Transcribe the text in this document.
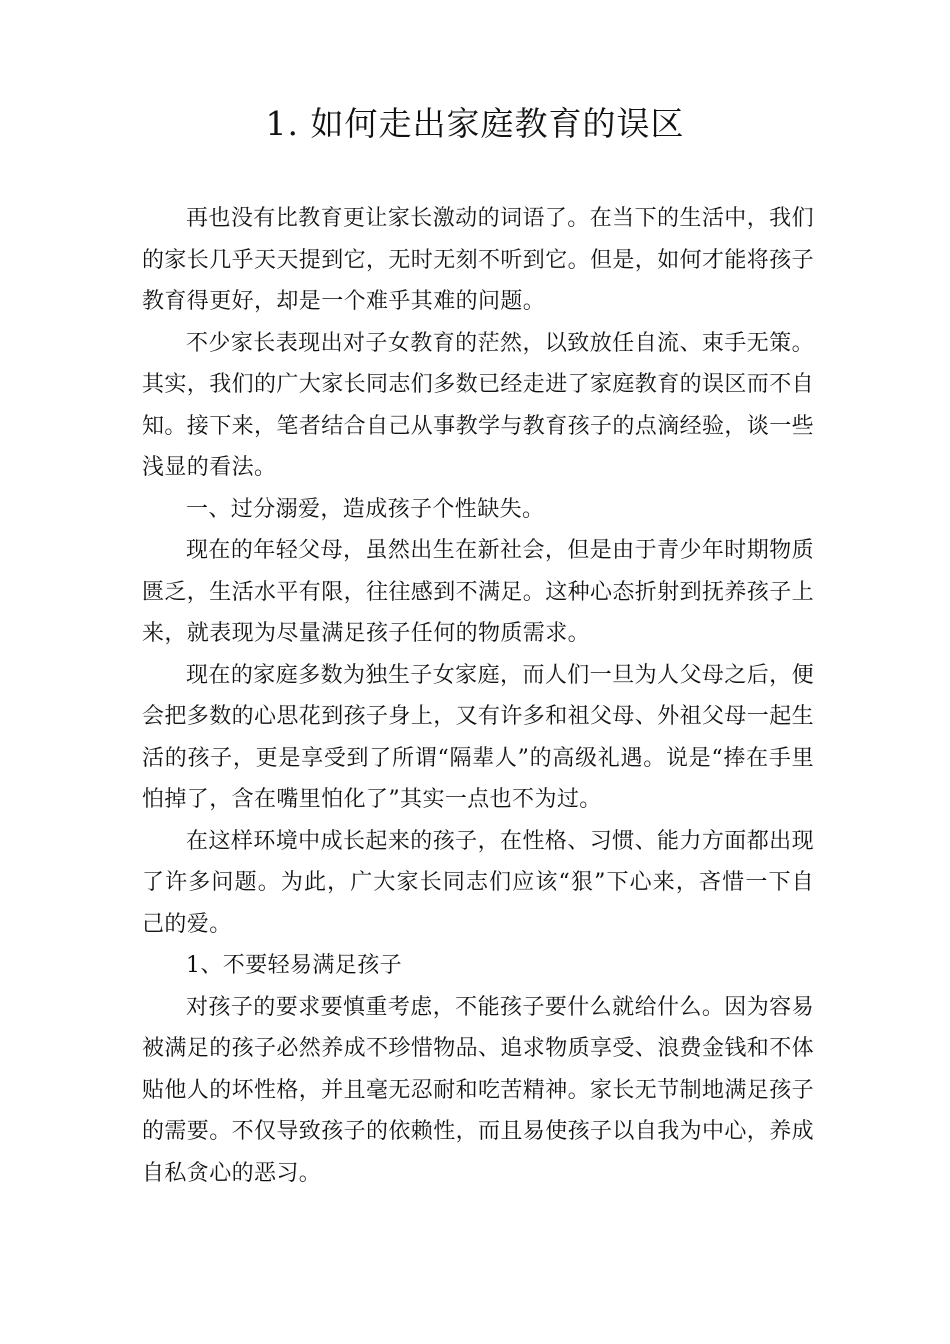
1. 如何走出家庭教育的误区

再也没有比教育更让家长激动的词语了。在当下的生活中，我们的家长几乎天天提到它，无时无刻不听到它。但是，如何才能将孩子教育得更好，却是一个难乎其难的问题。

不少家长表现出对子女教育的茫然，以致放任自流、束手无策。其实，我们的广大家长同志们多数已经走进了家庭教育的误区而不自知。接下来，笔者结合自己从事教学与教育孩子的点滴经验，谈一些浅显的看法。

一、过分溺爱，造成孩子个性缺失。

现在的年轻父母，虽然出生在新社会，但是由于青少年时期物质匮乏，生活水平有限，往往感到不满足。这种心态折射到抚养孩子上来，就表现为尽量满足孩子任何的物质需求。

现在的家庭多数为独生子女家庭，而人们一旦为人父母之后，便会把多数的心思花到孩子身上，又有许多和祖父母、外祖父母一起生活的孩子，更是享受到了所谓“隔辈人”的高级礼遇。说是“捧在手里怕掉了，含在嘴里怕化了”其实一点也不为过。

在这样环境中成长起来的孩子，在性格、习惯、能力方面都出现了许多问题。为此，广大家长同志们应该“狠”下心来，吝惜一下自己的爱。

1、不要轻易满足孩子

对孩子的要求要慎重考虑，不能孩子要什么就给什么。因为容易被满足的孩子必然养成不珍惜物品、追求物质享受、浪费金钱和不体贴他人的坏性格，并且毫无忍耐和吃苦精神。家长无节制地满足孩子的需要。不仅导致孩子的依赖性，而且易使孩子以自我为中心，养成自私贪心的恶习。
